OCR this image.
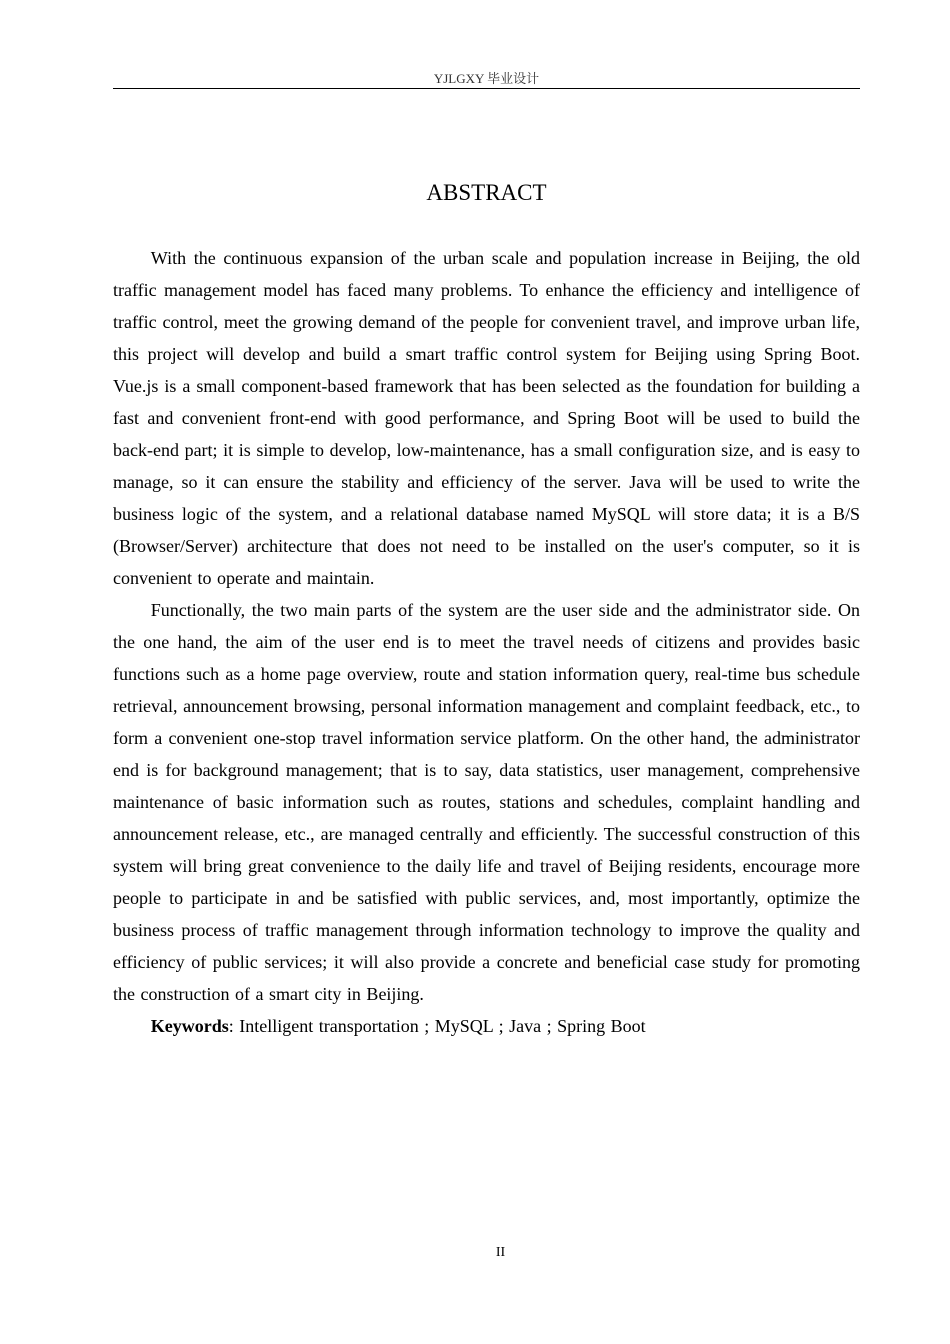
YJLGXY 毕业设计
ABSTRACT

With the continuous expansion of the urban scale and population increase in Beijing, the old traffic management model has faced many problems. To enhance the efficiency and intelligence of traffic control, meet the growing demand of the people for convenient travel, and improve urban life, this project will develop and build a smart traffic control system for Beijing using Spring Boot. Vue.js is a small component-based framework that has been selected as the foundation for building a fast and convenient front-end with good performance, and Spring Boot will be used to build the back-end part; it is simple to develop, low-maintenance, has a small configuration size, and is easy to manage, so it can ensure the stability and efficiency of the server. Java will be used to write the business logic of the system, and a relational database named MySQL will store data; it is a B/S (Browser/Server) architecture that does not need to be installed on the user's computer, so it is convenient to operate and maintain.

Functionally, the two main parts of the system are the user side and the administrator side. On the one hand, the aim of the user end is to meet the travel needs of citizens and provides basic functions such as a home page overview, route and station information query, real-time bus schedule retrieval, announcement browsing, personal information management and complaint feedback, etc., to form a convenient one-stop travel information service platform. On the other hand, the administrator end is for background management; that is to say, data statistics, user management, comprehensive maintenance of basic information such as routes, stations and schedules, complaint handling and announcement release, etc., are managed centrally and efficiently. The successful construction of this system will bring great convenience to the daily life and travel of Beijing residents, encourage more people to participate in and be satisfied with public services, and, most importantly, optimize the business process of traffic management through information technology to improve the quality and efficiency of public services; it will also provide a concrete and beneficial case study for promoting the construction of a smart city in Beijing.

Keywords: Intelligent transportation ; MySQL ; Java ; Spring Boot

II
